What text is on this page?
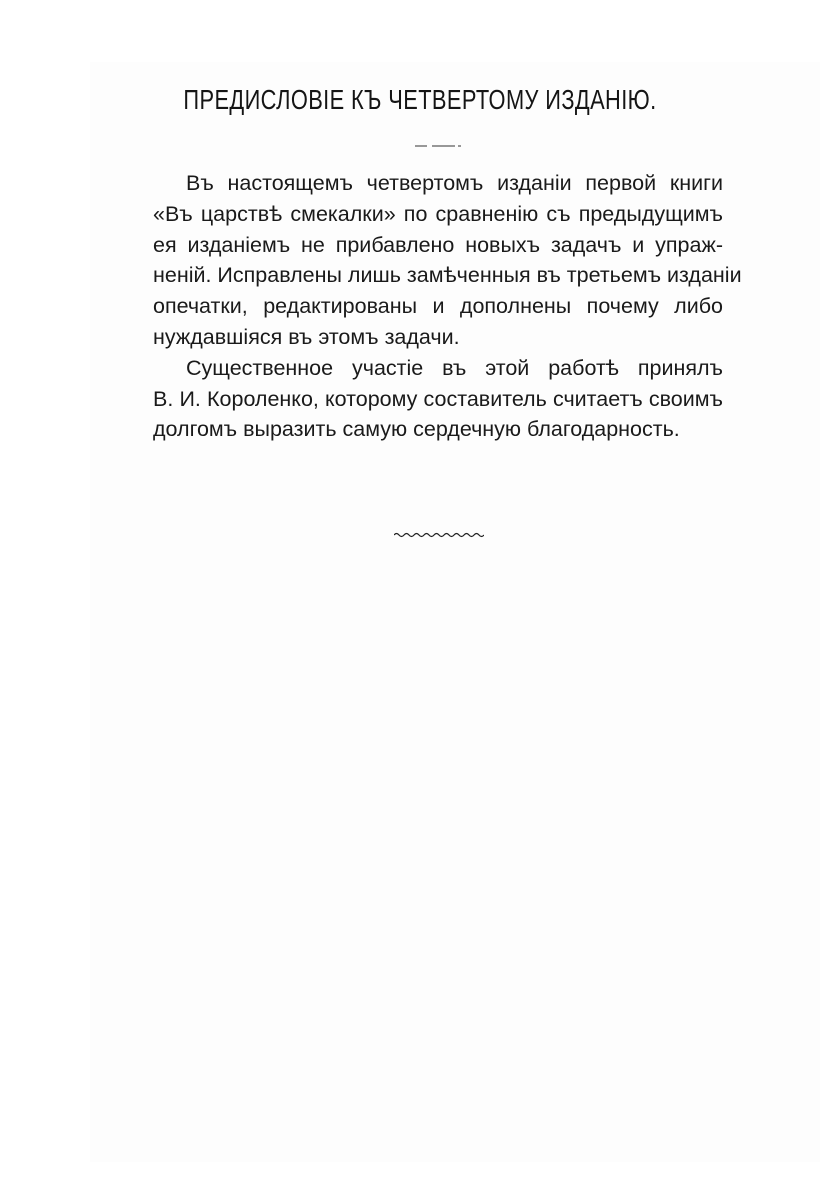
ПРЕДИСЛОВIЕ КЪ ЧЕТВЕРТОМУ ИЗДАНIЮ.
Въ настоящемъ четвертомъ изданiи первой книги
«Въ царствѣ смекалки» по сравненiю съ предыдущимъ
ея изданiемъ не прибавлено новыхъ задачъ и упраж-
ненiй. Исправлены лишь замѣченныя въ третьемъ изданiи
опечатки, редактированы и дополнены почему либо
нуждавшiяся въ этомъ задачи.
Существенное участiе въ этой работѣ принялъ
В. И. Короленко, которому составитель считаетъ своимъ
долгомъ выразить самую сердечную благодарность.
